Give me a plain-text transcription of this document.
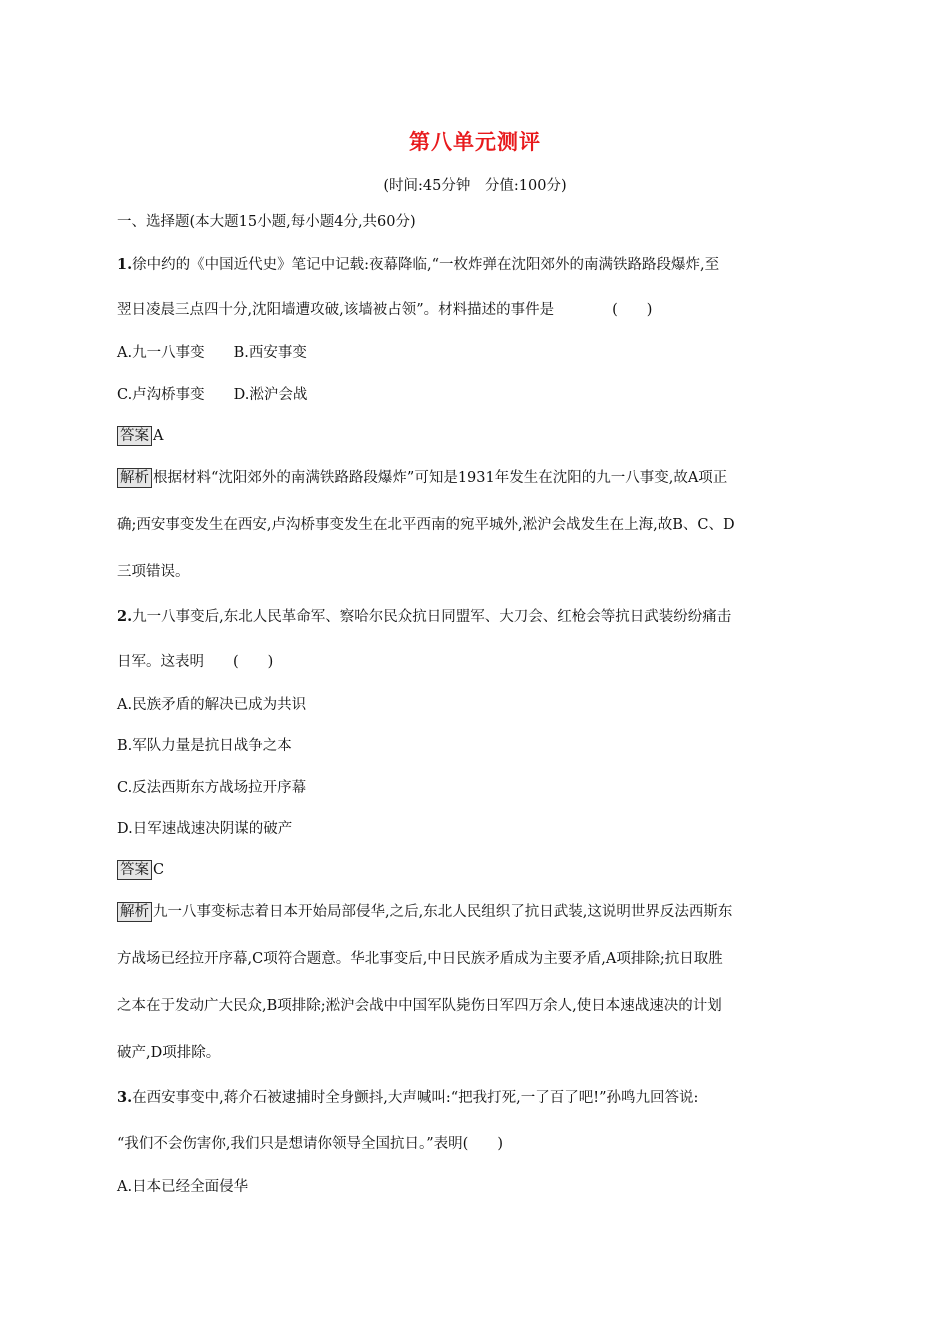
第八单元测评
(时间:45分钟　分值:100分)
一、选择题(本大题15小题,每小题4分,共60分)
1.徐中约的《中国近代史》笔记中记载:夜幕降临,“一枚炸弹在沈阳郊外的南满铁路路段爆炸,至
翌日凌晨三点四十分,沈阳墙遭攻破,该墙被占领”。材料描述的事件是　　　　(　　)
A.九一八事变　　B.西安事变
C.卢沟桥事变　　D.淞沪会战
答案 A
解析 根据材料“沈阳郊外的南满铁路路段爆炸”可知是1931年发生在沈阳的九一八事变,故A项正
确;西安事变发生在西安,卢沟桥事变发生在北平西南的宛平城外,淞沪会战发生在上海,故B、C、D
三项错误。
2.九一八事变后,东北人民革命军、察哈尔民众抗日同盟军、大刀会、红枪会等抗日武装纷纷痛击
日军。这表明　　(　　)
A.民族矛盾的解决已成为共识
B.军队力量是抗日战争之本
C.反法西斯东方战场拉开序幕
D.日军速战速决阴谋的破产
答案 C
解析 九一八事变标志着日本开始局部侵华,之后,东北人民组织了抗日武装,这说明世界反法西斯东
方战场已经拉开序幕,C项符合题意。华北事变后,中日民族矛盾成为主要矛盾,A项排除;抗日取胜
之本在于发动广大民众,B项排除;淞沪会战中中国军队毙伤日军四万余人,使日本速战速决的计划
破产,D项排除。
3.在西安事变中,蒋介石被逮捕时全身颤抖,大声喊叫:“把我打死,一了百了吧!”孙鸣九回答说:
“我们不会伤害你,我们只是想请你领导全国抗日。”表明(　　)
A.日本已经全面侵华
